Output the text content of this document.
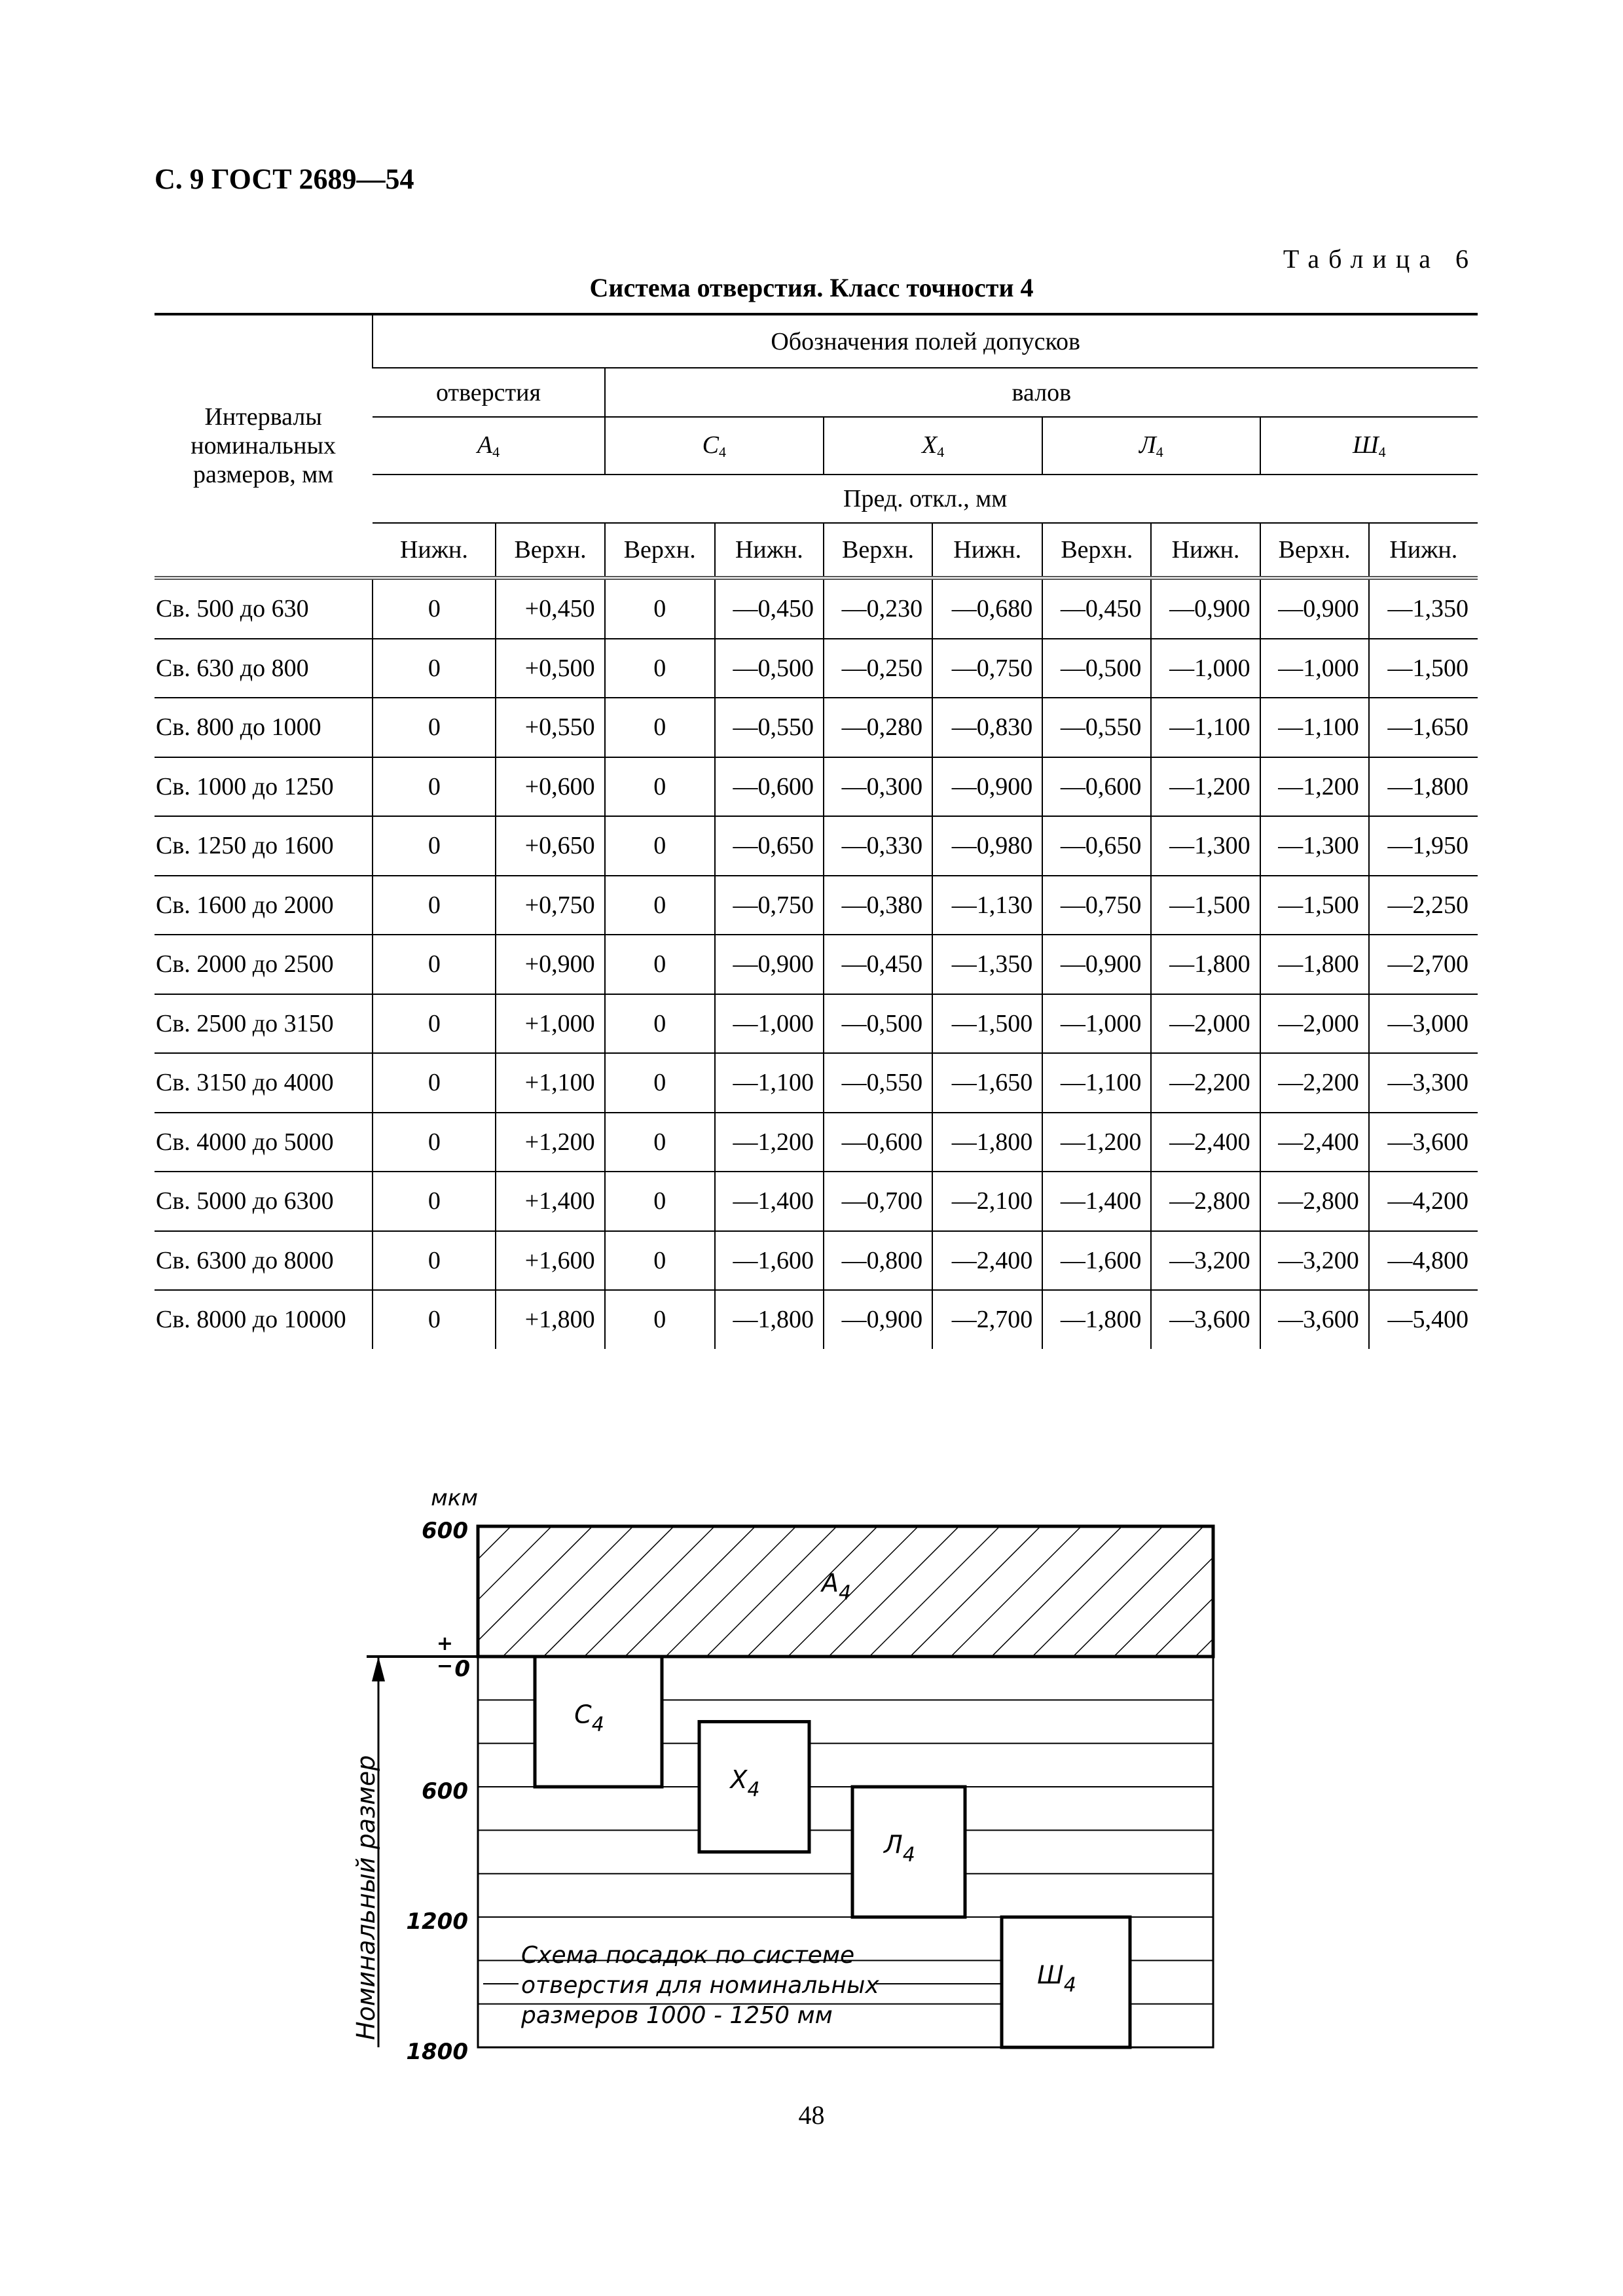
С. 9 ГОСТ 2689—54
Таблица 6
Система отверстия. Класс точности 4
Интервалы номинальных размеров, мм	Обозначения полей допусков									
	отверстия		валов							
	$A_4$		$С_4$		$X_4$		$Л_4$		$Ш_4$
	Пред. откл., мм									
	Нижн.	Верхн.	Верхн.	Нижн.	Верхн.	Нижн.	Верхн.	Нижн.	Верхн.	Нижн.
Св. 500 до 630	0	+0,450	0	—0,450	—0,230	—0,680	—0,450	—0,900	—0,900	—1,350
Св. 630 до 800	0	+0,500	0	—0,500	—0,250	—0,750	—0,500	—1,000	—1,000	—1,500
Св. 800 до 1000	0	+0,550	0	—0,550	—0,280	—0,830	—0,550	—1,100	—1,100	—1,650
Св. 1000 до 1250	0	+0,600	0	—0,600	—0,300	—0,900	—0,600	—1,200	—1,200	—1,800
Св. 1250 до 1600	0	+0,650	0	—0,650	—0,330	—0,980	—0,650	—1,300	—1,300	—1,950
Св. 1600 до 2000	0	+0,750	0	—0,750	—0,380	—1,130	—0,750	—1,500	—1,500	—2,250
Св. 2000 до 2500	0	+0,900	0	—0,900	—0,450	—1,350	—0,900	—1,800	—1,800	—2,700
Св. 2500 до 3150	0	+1,000	0	—1,000	—0,500	—1,500	—1,000	—2,000	—2,000	—3,000
Св. 3150 до 4000	0	+1,100	0	—1,100	—0,550	—1,650	—1,100	—2,200	—2,200	—3,300
Св. 4000 до 5000	0	+1,200	0	—1,200	—0,600	—1,800	—1,200	—2,400	—2,400	—3,600
Св. 5000 до 6300	0	+1,400	0	—1,400	—0,700	—2,100	—1,400	—2,800	—2,800	—4,200
Св. 6300 до 8000	0	+1,600	0	—1,600	—0,800	—2,400	—1,600	—3,200	—3,200	—4,800
Св. 8000 до 10000	0	+1,800	0	—1,800	—0,900	—2,700	—1,800	—3,600	—3,600	—5,400
$A_4$
$С_4$
$X_4$
$Л_4$
$Ш_4$
мкм
600
+
− 0
600
1200
1800
Номинальный размер	Схема посадок по системе
отверстия для номинальных
размеров 1000 - 1250 мм
48
